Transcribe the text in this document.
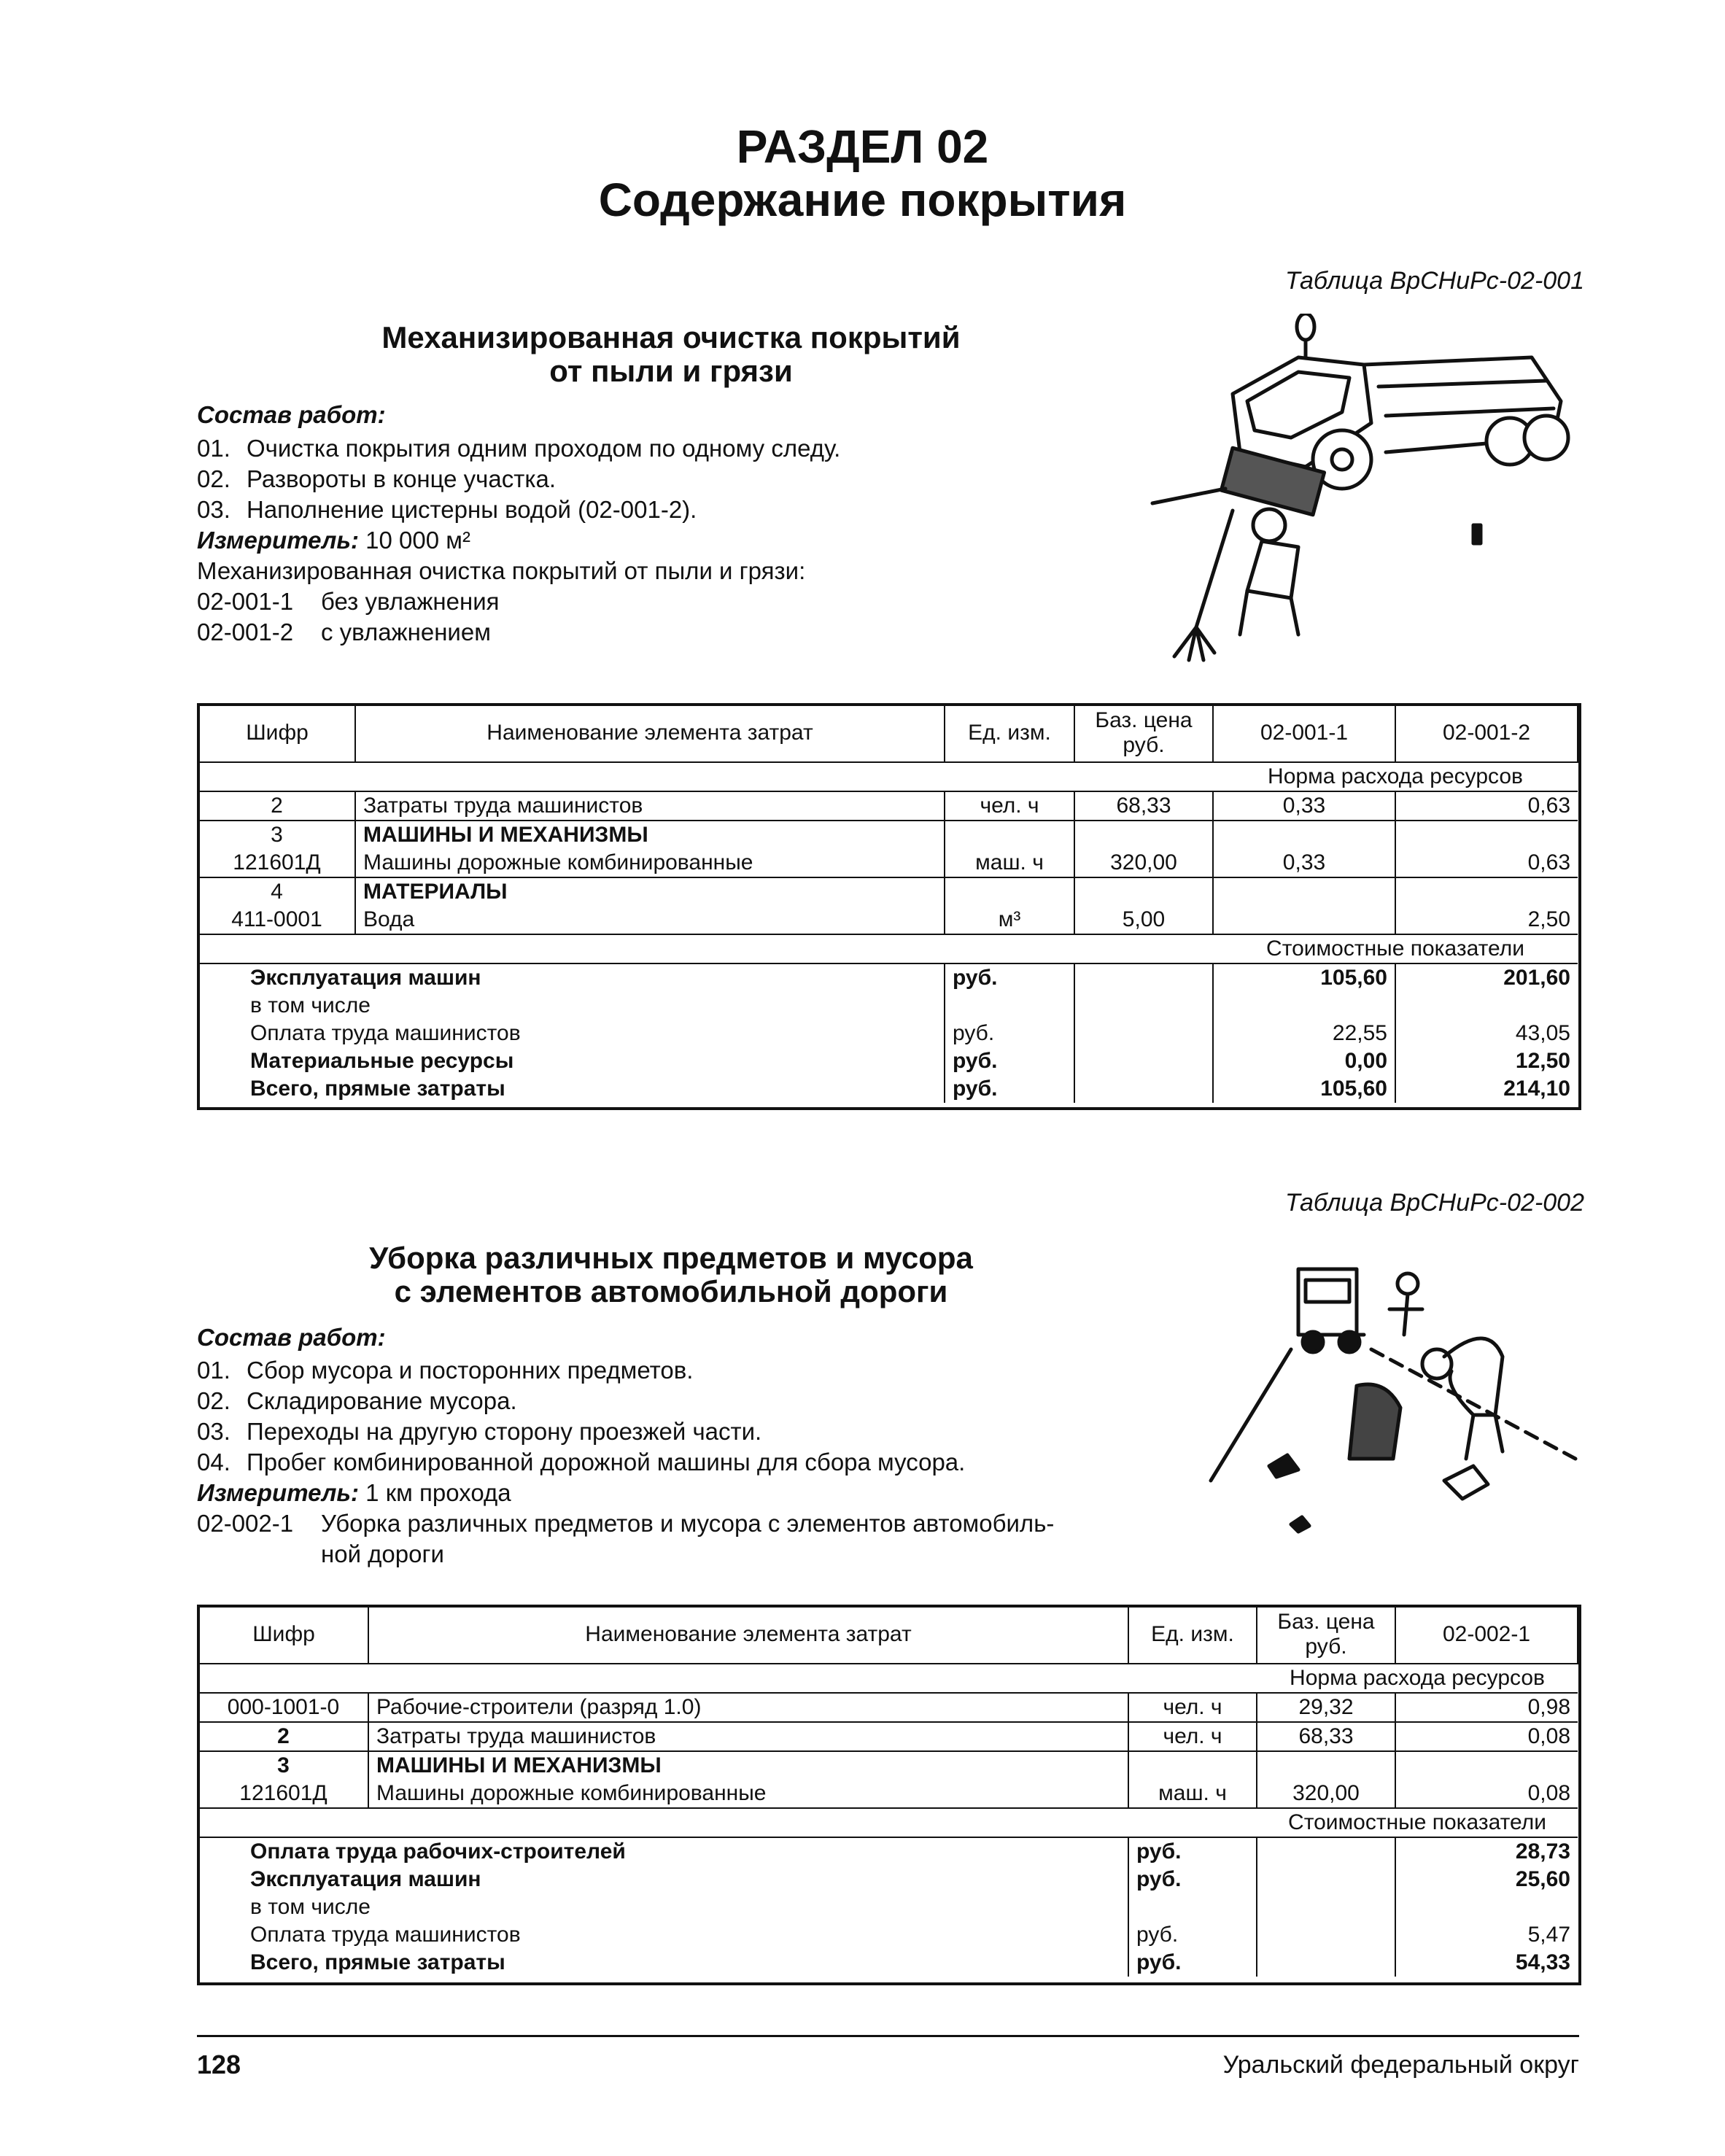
РАЗДЕЛ 02
Содержание покрытия
Таблица ВрСНиРс-02-001
Механизированная очистка покрытий
от пыли и грязи
Состав работ:
01. Очистка покрытия одним проходом по одному следу.
02. Развороты в конце участка.
03. Наполнение цистерны водой (02-001-2).
Измеритель: 10 000 м²
Механизированная очистка покрытий от пыли и грязи:
02-001-1 без увлажнения
02-001-2 с увлажнением
Шифр	Наименование элемента затрат	Ед. изм.	Баз. цена руб.	02-001-1	02-001-2
				Норма расхода ресурсов	
2	Затраты труда машинистов	чел. ч	68,33	0,33	0,63
3	МАШИНЫ И МЕХАНИЗМЫ				
121601Д	Машины дорожные комбинированные	маш. ч	320,00	0,33	0,63
4	МАТЕРИАЛЫ				
411-0001	Вода	м³	5,00		2,50
				Стоимостные показатели	
Эксплуатация машин		руб.		105,60	201,60
в том числе					
Оплата труда машинистов		руб.		22,55	43,05
Материальные ресурсы		руб.		0,00	12,50
Всего, прямые затраты		руб.		105,60	214,10
Таблица ВрСНиРс-02-002
Уборка различных предметов и мусора
с элементов автомобильной дороги
Состав работ:
01. Сбор мусора и посторонних предметов.
02. Складирование мусора.
03. Переходы на другую сторону проезжей части.
04. Пробег комбинированной дорожной машины для сбора мусора.
Измеритель: 1 км прохода
02-002-1 Уборка различных предметов и мусора с элементов автомобиль-
ной дороги
Шифр	Наименование элемента затрат	Ед. изм.	Баз. цена руб.	02-002-1
			Норма расхода ресурсов	
000-1001-0	Рабочие-строители (разряд 1.0)	чел. ч	29,32	0,98
2	Затраты труда машинистов	чел. ч	68,33	0,08
3	МАШИНЫ И МЕХАНИЗМЫ			
121601Д	Машины дорожные комбинированные	маш. ч	320,00	0,08
			Стоимостные показатели	
Оплата труда рабочих-строителей		руб.		28,73
Эксплуатация машин		руб.		25,60
в том числе				
Оплата труда машинистов		руб.		5,47
Всего, прямые затраты		руб.		54,33
128	Уральский федеральный округ
